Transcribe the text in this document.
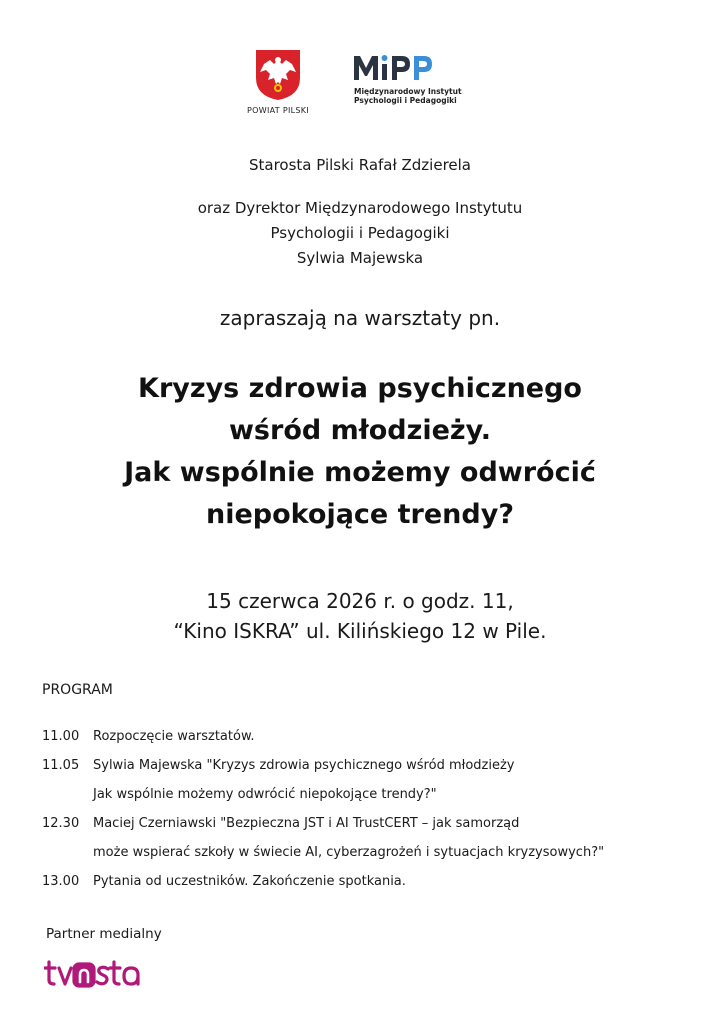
POWIAT PILSKI
Międzynarodowy Instytut
Psychologii i Pedagogiki
Starosta Pilski Rafał Zdzierela
oraz Dyrektor Międzynarodowego Instytutu
Psychologii i Pedagogiki
Sylwia Majewska
zapraszają na warsztaty pn.
Kryzys zdrowia psychicznego
wśród młodzieży.
Jak wspólnie możemy odwrócić
niepokojące trendy?
15 czerwca 2026 r. o godz. 11,
“Kino ISKRA” ul. Kilińskiego 12 w Pile.
PROGRAM
11.00	Rozpoczęcie warsztatów.
11.05	Sylwia Majewska "Kryzys zdrowia psychicznego wśród młodzieży
Jak wspólnie możemy odwrócić niepokojące trendy?"
12.30	Maciej Czerniawski "Bezpieczna JST i AI TrustCERT – jak samorząd
może wspierać szkoły w świecie AI, cyberzagrożeń i sytuacjach kryzysowych?"
13.00	Pytania od uczestników. Zakończenie spotkania.
Partner medialny
